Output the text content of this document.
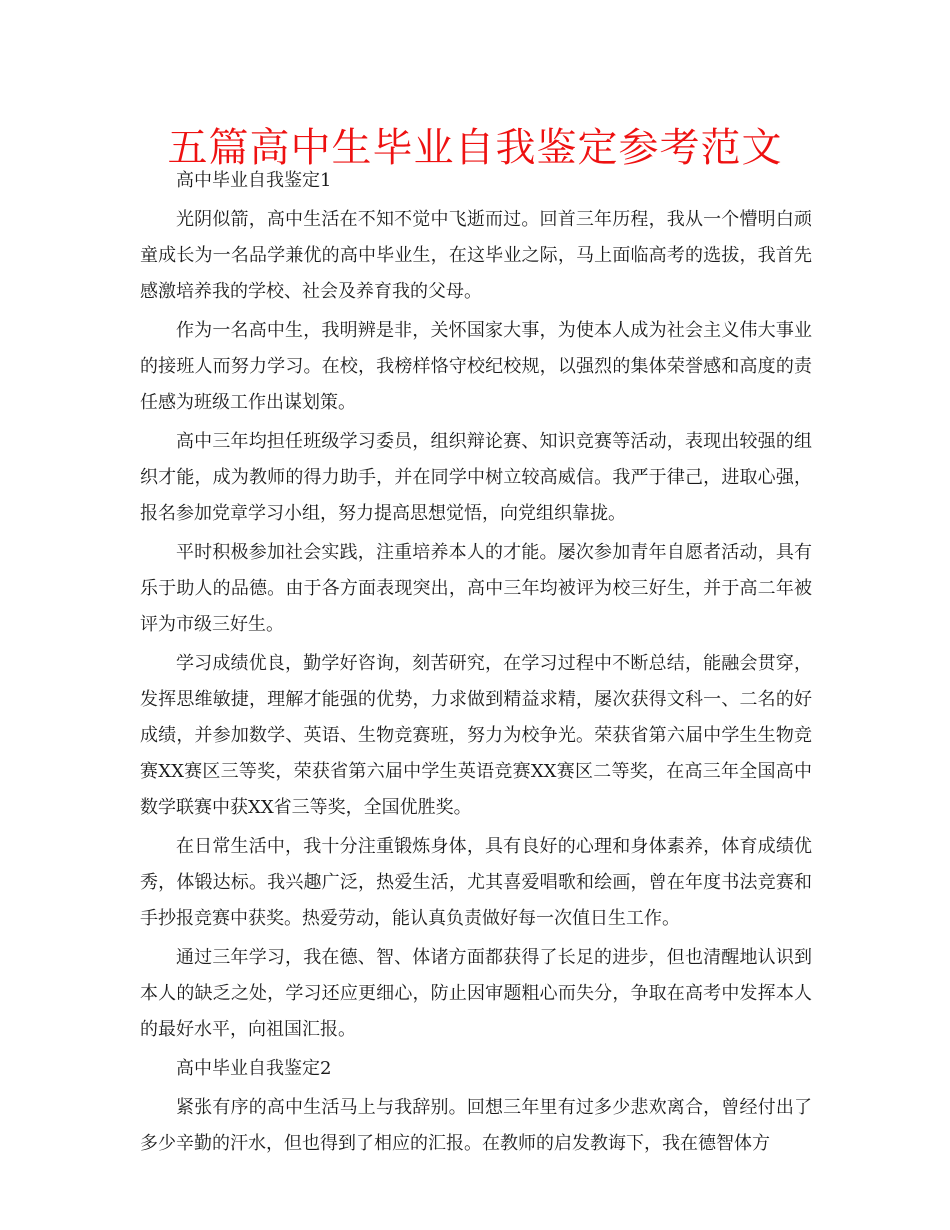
五篇高中生毕业自我鉴定参考范文

高中毕业自我鉴定1

光阴似箭，高中生活在不知不觉中飞逝而过。回首三年历程，我从一个懵明白顽童成长为一名品学兼优的高中毕业生，在这毕业之际，马上面临高考的选拔，我首先感激培养我的学校、社会及养育我的父母。

作为一名高中生，我明辨是非，关怀国家大事，为使本人成为社会主义伟大事业的接班人而努力学习。在校，我榜样恪守校纪校规，以强烈的集体荣誉感和高度的责任感为班级工作出谋划策。

高中三年均担任班级学习委员，组织辩论赛、知识竞赛等活动，表现出较强的组织才能，成为教师的得力助手，并在同学中树立较高威信。我严于律己，进取心强，报名参加党章学习小组，努力提高思想觉悟，向党组织靠拢。

平时积极参加社会实践，注重培养本人的才能。屡次参加青年自愿者活动，具有乐于助人的品德。由于各方面表现突出，高中三年均被评为校三好生，并于高二年被评为市级三好生。

学习成绩优良，勤学好咨询，刻苦研究，在学习过程中不断总结，能融会贯穿，发挥思维敏捷，理解才能强的优势，力求做到精益求精，屡次获得文科一、二名的好成绩，并参加数学、英语、生物竞赛班，努力为校争光。荣获省第六届中学生生物竞赛XX赛区三等奖，荣获省第六届中学生英语竞赛XX赛区二等奖，在高三年全国高中数学联赛中获XX省三等奖，全国优胜奖。

在日常生活中，我十分注重锻炼身体，具有良好的心理和身体素养，体育成绩优秀，体锻达标。我兴趣广泛，热爱生活，尤其喜爱唱歌和绘画，曾在年度书法竞赛和手抄报竞赛中获奖。热爱劳动，能认真负责做好每一次值日生工作。

通过三年学习，我在德、智、体诸方面都获得了长足的进步，但也清醒地认识到本人的缺乏之处，学习还应更细心，防止因审题粗心而失分，争取在高考中发挥本人的最好水平，向祖国汇报。

高中毕业自我鉴定2

紧张有序的高中生活马上与我辞别。回想三年里有过多少悲欢离合，曾经付出了多少辛勤的汗水，但也得到了相应的汇报。在教师的启发教诲下，我在德智体方
